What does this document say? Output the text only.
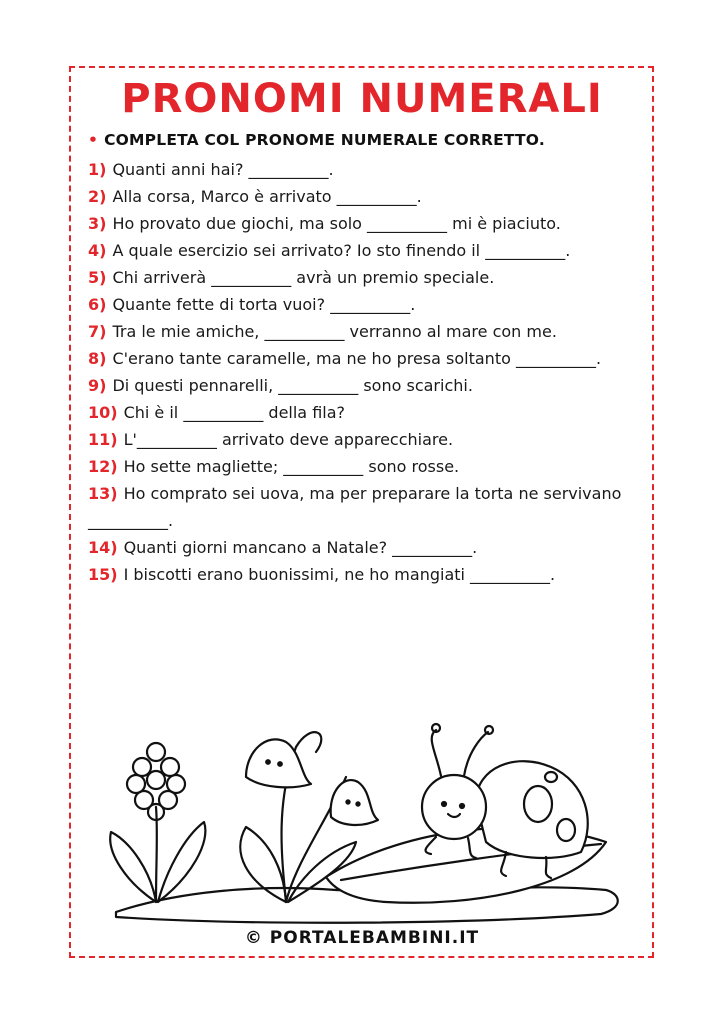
PRONOMI NUMERALI
• COMPLETA COL PRONOME NUMERALE CORRETTO.
1) Quanti anni hai? __________.
2) Alla corsa, Marco è arrivato __________.
3) Ho provato due giochi, ma solo __________ mi è piaciuto.
4) A quale esercizio sei arrivato? Io sto finendo il __________.
5) Chi arriverà __________ avrà un premio speciale.
6) Quante fette di torta vuoi? __________.
7) Tra le mie amiche, __________ verranno al mare con me.
8) C'erano tante caramelle, ma ne ho presa soltanto __________.
9) Di questi pennarelli, __________ sono scarichi.
10) Chi è il __________ della fila?
11) L'__________ arrivato deve apparecchiare.
12) Ho sette magliette; __________ sono rosse.
13) Ho comprato sei uova, ma per preparare la torta ne servivano __________.
14) Quanti giorni mancano a Natale? __________.
15) I biscotti erano buonissimi, ne ho mangiati __________.
© PORTALEBAMBINI.IT
